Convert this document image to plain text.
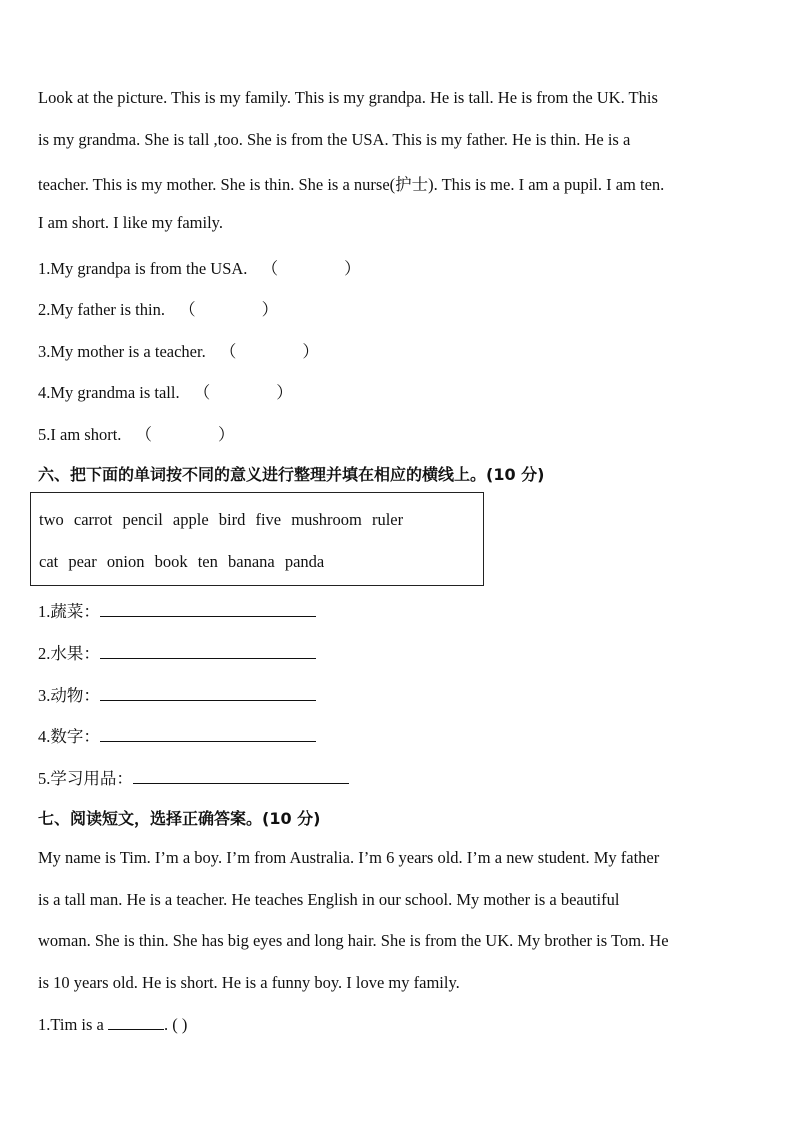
Look at the picture. This is my family. This is my grandpa. He is tall. He is from the UK. This
is my grandma. She is tall ,too. She is from the USA. This is my father. He is thin. He is a
teacher. This is my mother. She is thin. She is a nurse(护士). This is me. I am a pupil. I am ten.
I am short. I like my family.
1.My grandpa is from the USA. （　　　　）
2.My father is thin. （　　　　）
3.My mother is a teacher. （　　　　）
4.My grandma is tall. （　　　　）
5.I am short. （　　　　）
六、把下面的单词按不同的意义进行整理并填在相应的横线上。(10 分)
two carrot pencil apple bird five mushroom ruler
cat pear onion book ten banana panda
1.蔬菜：
2.水果：
3.动物：
4.数字：
5.学习用品：
七、阅读短文，选择正确答案。(10 分)
My name is Tim. I’m a boy. I’m from Australia. I’m 6 years old. I’m a new student. My father
is a tall man. He is a teacher. He teaches English in our school. My mother is a beautiful
woman. She is thin. She has big eyes and long hair. She is from the UK. My brother is Tom. He
is 10 years old. He is short. He is a funny boy. I love my family.
1.Tim is a	. ( )
